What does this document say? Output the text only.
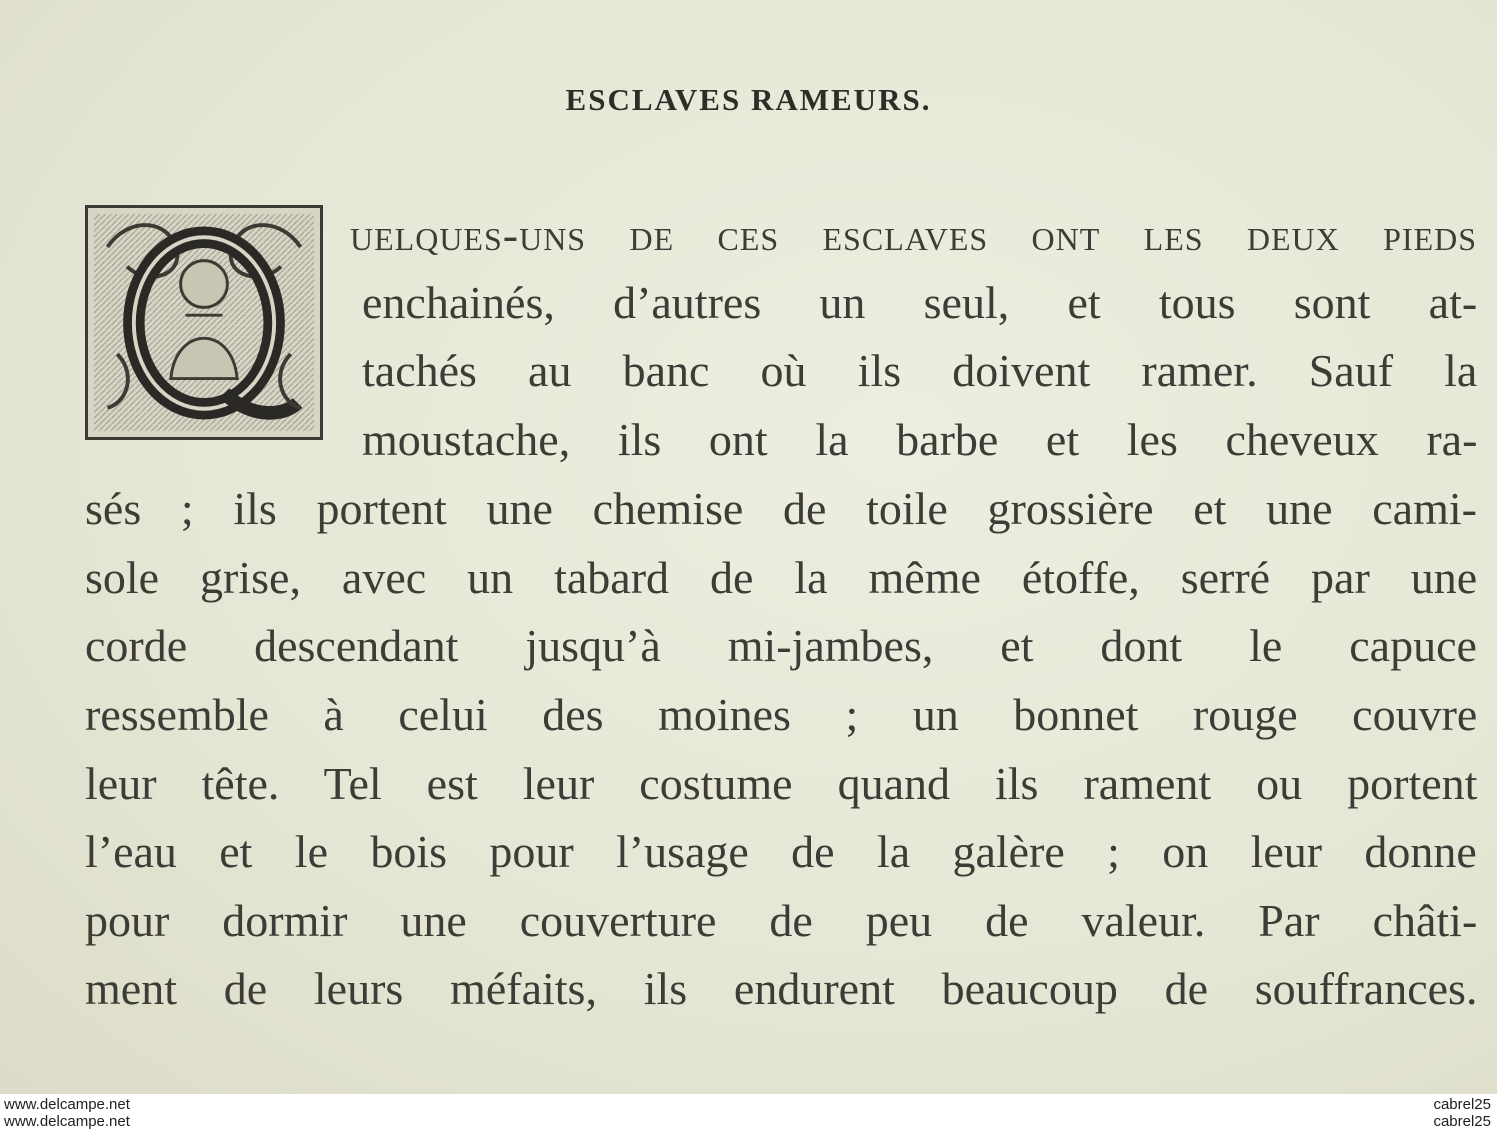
ESCLAVES RAMEURS.
uelques-uns de ces esclaves ont les deux pieds
enchainés, d’autres un seul, et tous sont at-
tachés au banc où ils doivent ramer. Sauf la
moustache, ils ont la barbe et les cheveux ra-
sés ; ils portent une chemise de toile grossière et une cami-
sole grise, avec un tabard de la même étoffe, serré par une
corde descendant jusqu’à mi-jambes, et dont le capuce
ressemble à celui des moines ; un bonnet rouge couvre
leur tête. Tel est leur costume quand ils rament ou portent
l’eau et le bois pour l’usage de la galère ; on leur donne
pour dormir une couverture de peu de valeur. Par châti-
ment de leurs méfaits, ils endurent beaucoup de souffrances.
www.delcampe.net
www.delcampe.net
cabrel25
cabrel25
